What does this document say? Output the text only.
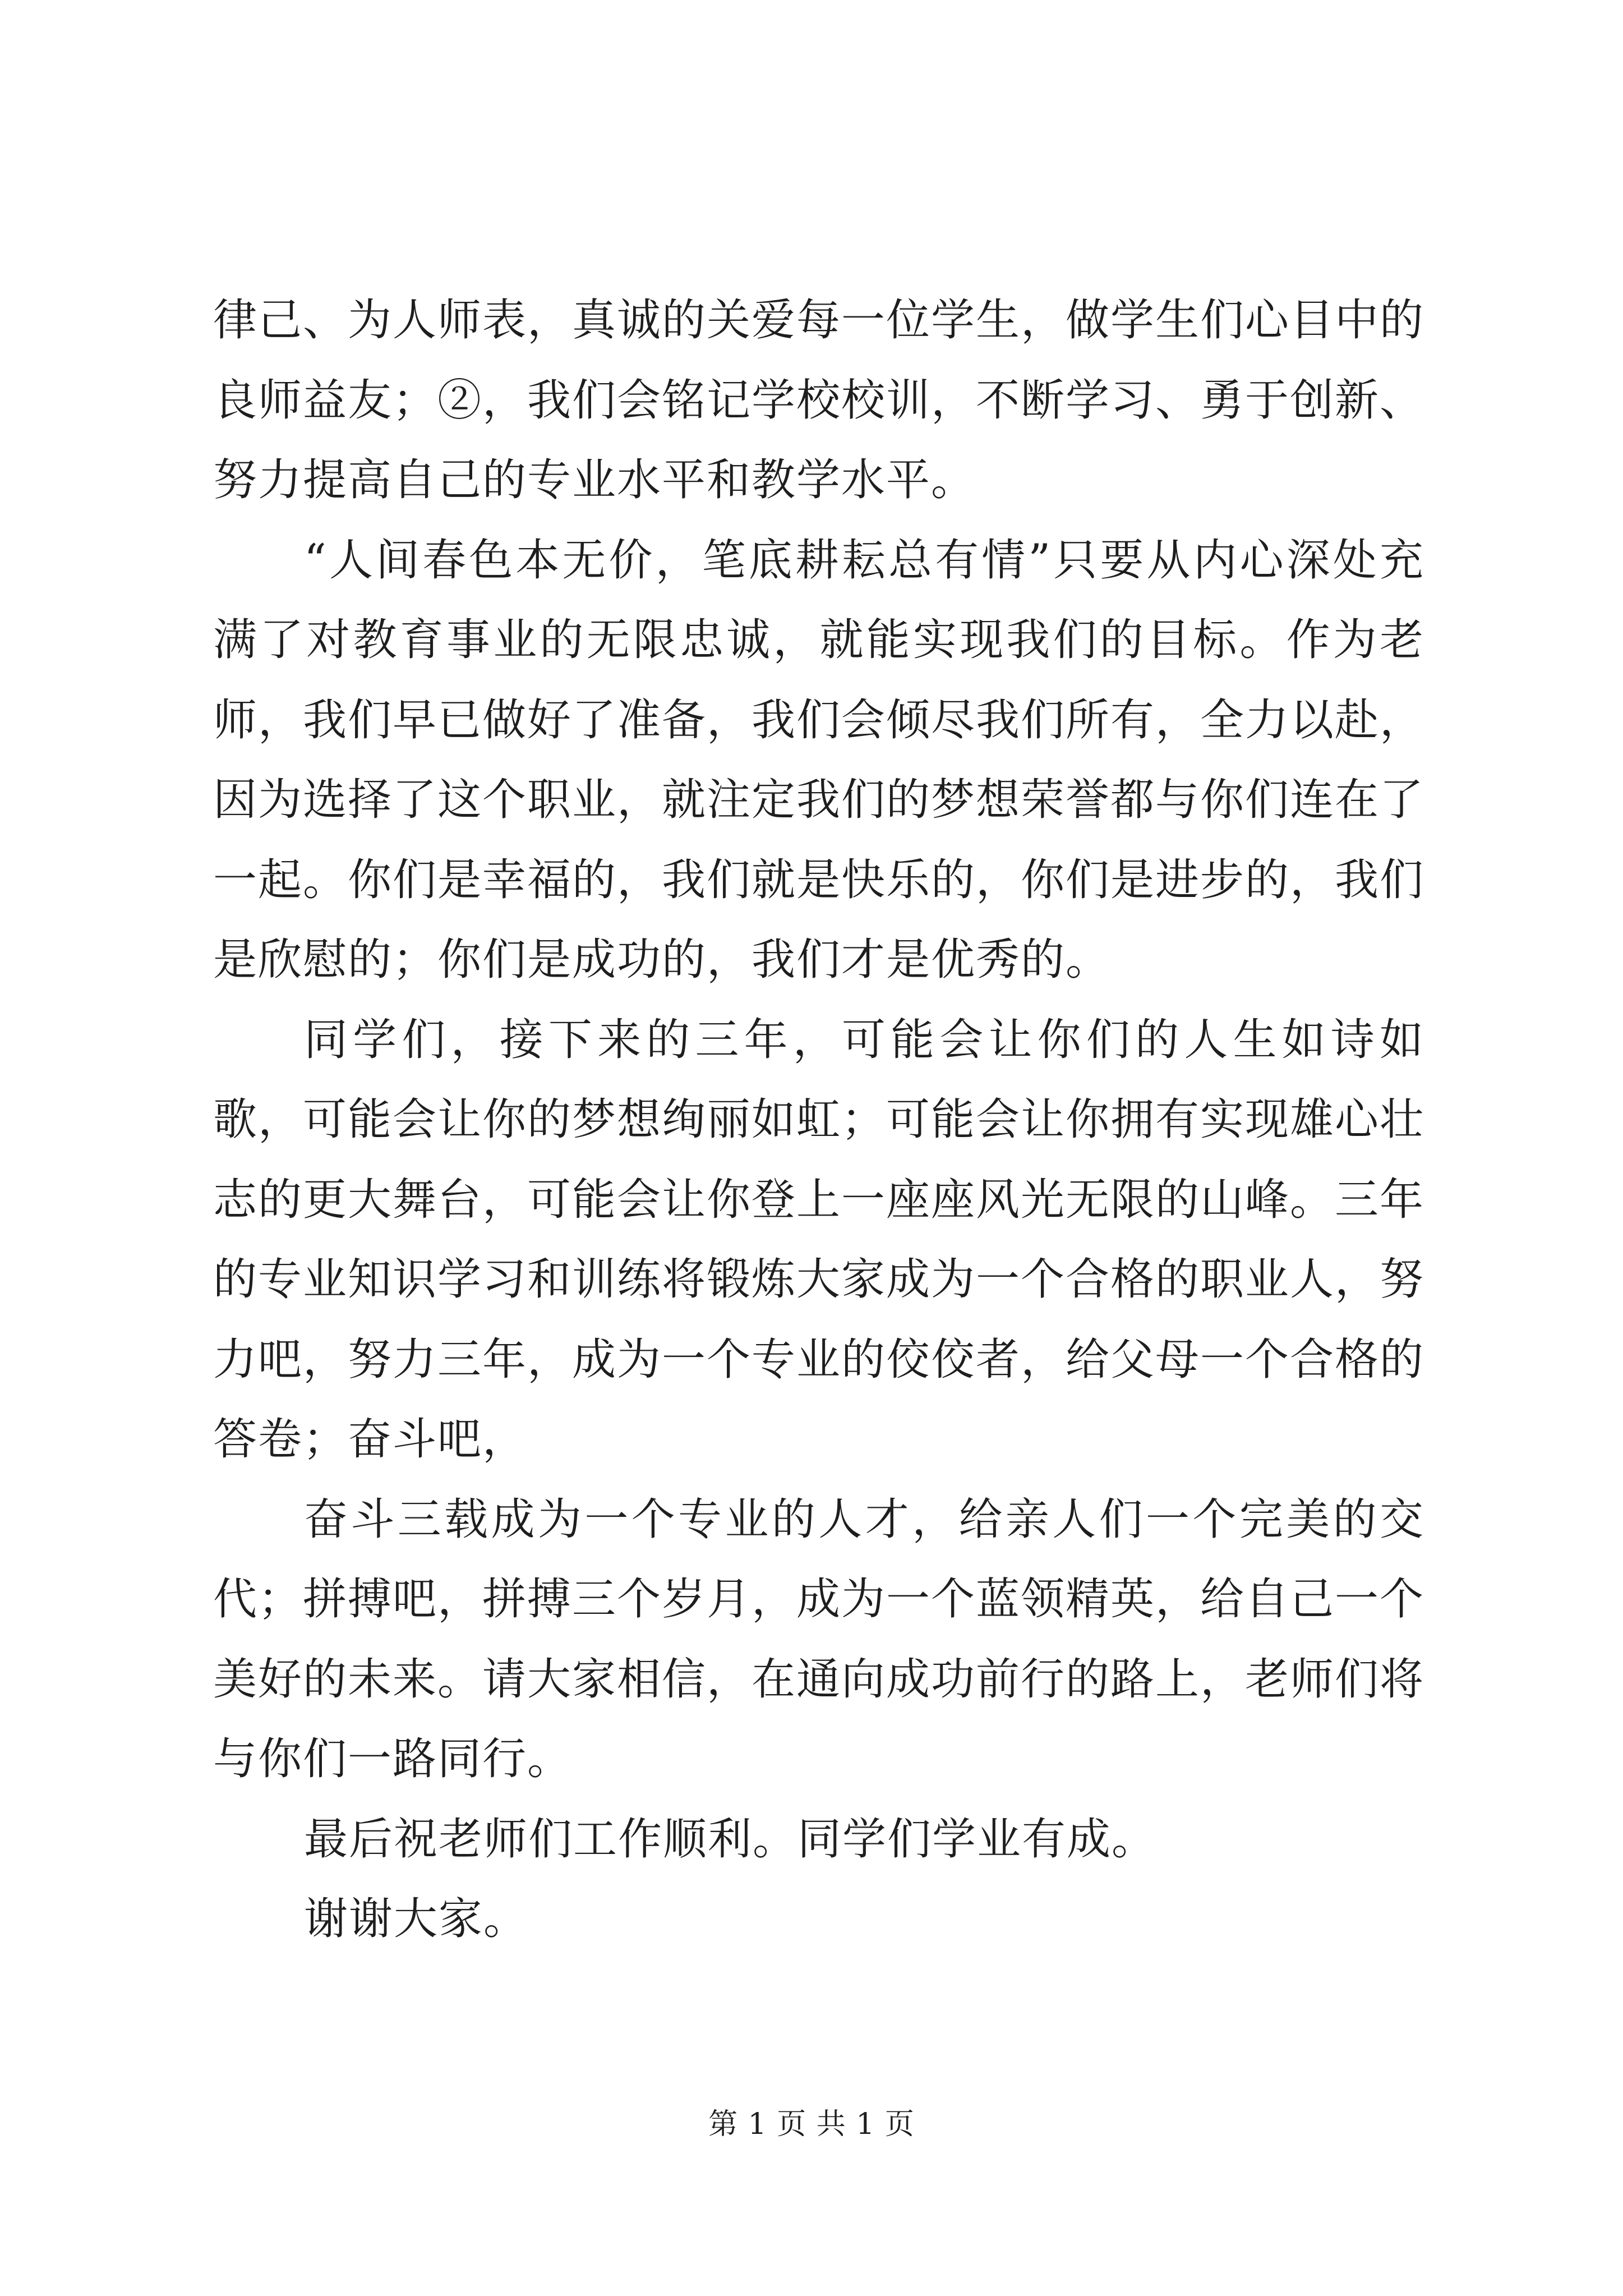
律己、为人师表，真诚的关爱每一位学生，做学生们心目中的良师益友；②，我们会铭记学校校训，不断学习、勇于创新、努力提高自己的专业水平和教学水平。

“人间春色本无价，笔底耕耘总有情”只要从内心深处充满了对教育事业的无限忠诚，就能实现我们的目标。作为老师，我们早已做好了准备，我们会倾尽我们所有，全力以赴，因为选择了这个职业，就注定我们的梦想荣誉都与你们连在了一起。你们是幸福的，我们就是快乐的，你们是进步的，我们是欣慰的；你们是成功的，我们才是优秀的。

同学们，接下来的三年，可能会让你们的人生如诗如歌，可能会让你的梦想绚丽如虹；可能会让你拥有实现雄心壮志的更大舞台，可能会让你登上一座座风光无限的山峰。三年的专业知识学习和训练将锻炼大家成为一个合格的职业人，努力吧，努力三年，成为一个专业的佼佼者，给父母一个合格的答卷；奋斗吧，

奋斗三载成为一个专业的人才，给亲人们一个完美的交代；拼搏吧，拼搏三个岁月，成为一个蓝领精英，给自己一个美好的未来。请大家相信，在通向成功前行的路上，老师们将与你们一路同行。

最后祝老师们工作顺利。同学们学业有成。

谢谢大家。

第 1 页 共 1 页
